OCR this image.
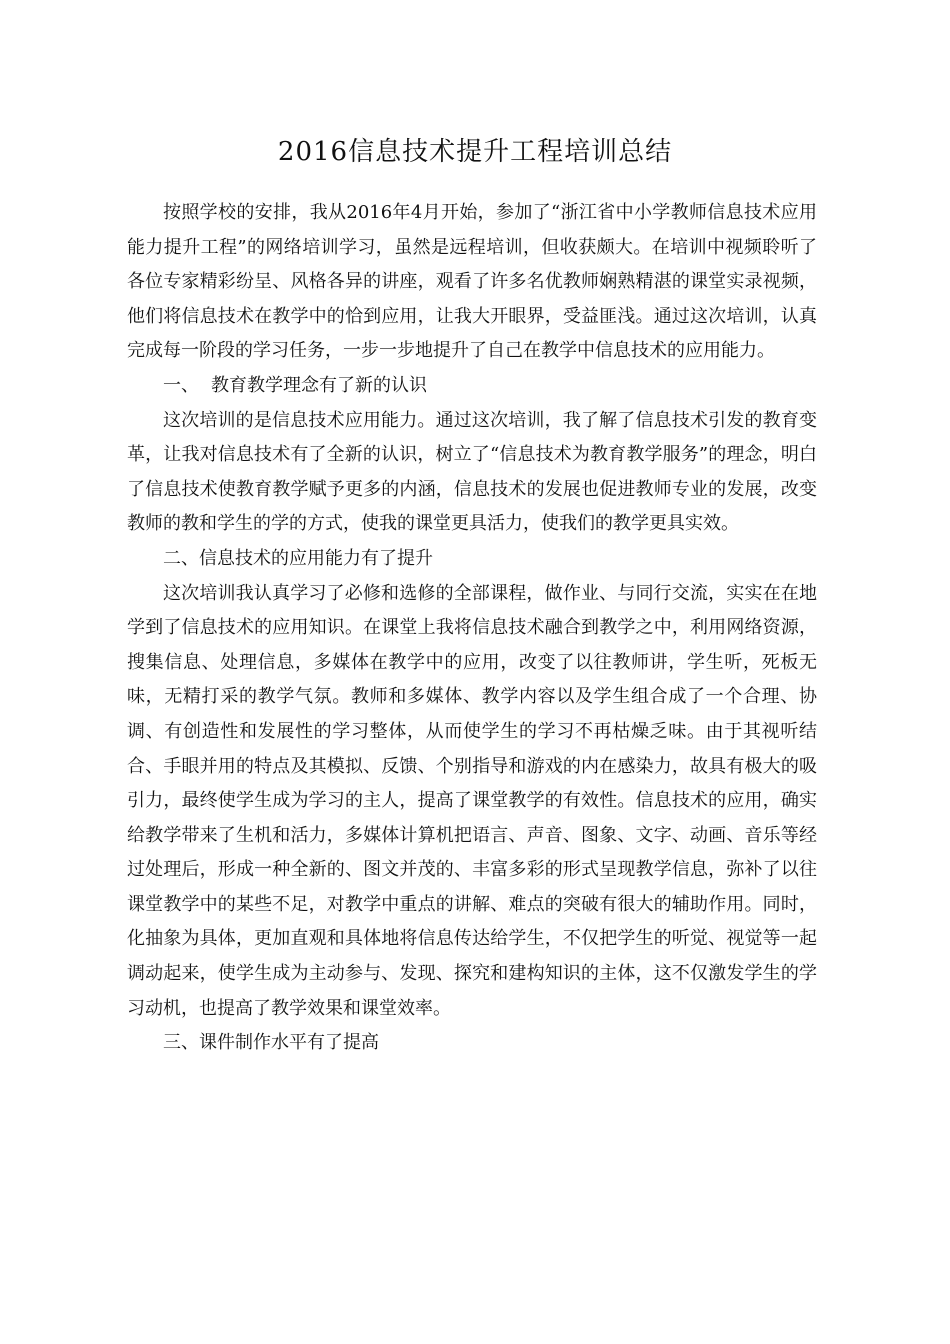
2016信息技术提升工程培训总结

按照学校的安排，我从2016年4月开始，参加了“浙江省中小学教师信息技术应用能力提升工程”的网络培训学习，虽然是远程培训，但收获颇大。在培训中视频聆听了各位专家精彩纷呈、风格各异的讲座，观看了许多名优教师娴熟精湛的课堂实录视频，他们将信息技术在教学中的恰到应用，让我大开眼界，受益匪浅。通过这次培训，认真完成每一阶段的学习任务，一步一步地提升了自己在教学中信息技术的应用能力。

一、 教育教学理念有了新的认识

这次培训的是信息技术应用能力。通过这次培训，我了解了信息技术引发的教育变革，让我对信息技术有了全新的认识，树立了“信息技术为教育教学服务”的理念，明白了信息技术使教育教学赋予更多的内涵，信息技术的发展也促进教师专业的发展，改变教师的教和学生的学的方式，使我的课堂更具活力，使我们的教学更具实效。

二、信息技术的应用能力有了提升

这次培训我认真学习了必修和选修的全部课程，做作业、与同行交流，实实在在地学到了信息技术的应用知识。在课堂上我将信息技术融合到教学之中，利用网络资源，搜集信息、处理信息，多媒体在教学中的应用，改变了以往教师讲，学生听，死板无味，无精打采的教学气氛。教师和多媒体、教学内容以及学生组合成了一个合理、协调、有创造性和发展性的学习整体，从而使学生的学习不再枯燥乏味。由于其视听结合、手眼并用的特点及其模拟、反馈、个别指导和游戏的内在感染力，故具有极大的吸引力，最终使学生成为学习的主人，提高了课堂教学的有效性。信息技术的应用，确实给教学带来了生机和活力，多媒体计算机把语言、声音、图象、文字、动画、音乐等经过处理后，形成一种全新的、图文并茂的、丰富多彩的形式呈现教学信息，弥补了以往课堂教学中的某些不足，对教学中重点的讲解、难点的突破有很大的辅助作用。同时，化抽象为具体，更加直观和具体地将信息传达给学生，不仅把学生的听觉、视觉等一起调动起来，使学生成为主动参与、发现、探究和建构知识的主体，这不仅激发学生的学习动机，也提高了教学效果和课堂效率。

三、课件制作水平有了提高
